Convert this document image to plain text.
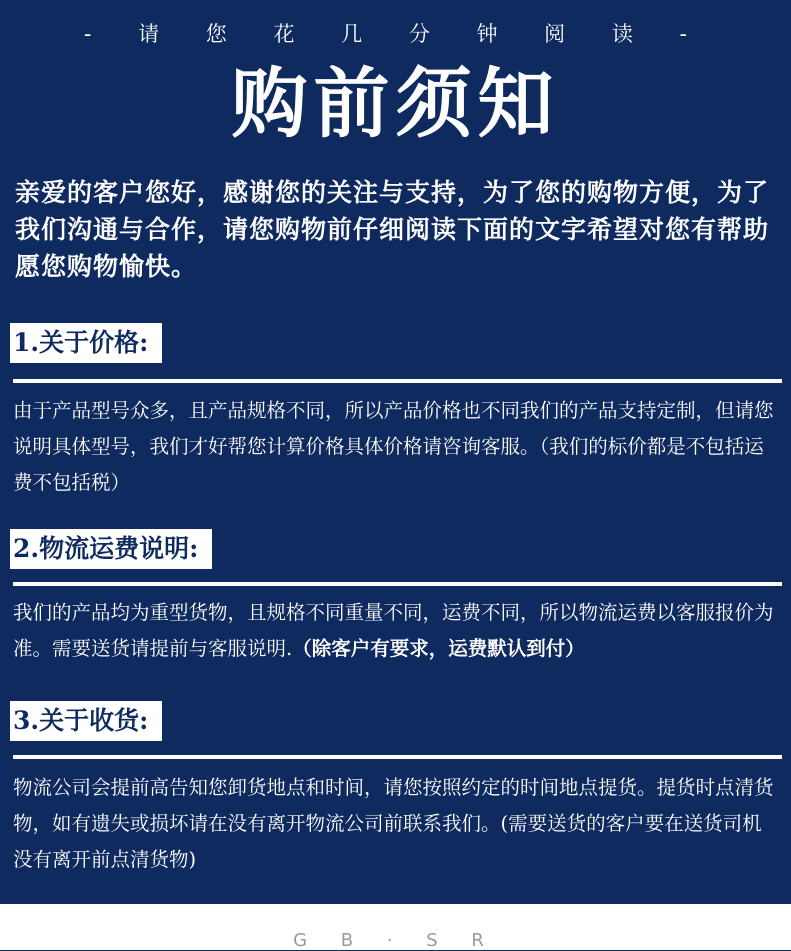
- 请 您 花 几 分 钟 阅 读 -
购前须知
亲爱的客户您好，感谢您的关注与支持，为了您的购物方便，为了我们沟通与合作，请您购物前仔细阅读下面的文字希望对您有帮助愿您购物愉快。
1.关于价格:
由于产品型号众多，且产品规格不同，所以产品价格也不同我们的产品支持定制，但请您说明具体型号，我们才好帮您计算价格具体价格请咨询客服。（我们的标价都是不包括运费不包括税）
2.物流运费说明:
我们的产品均为重型货物，且规格不同重量不同，运费不同，所以物流运费以客服报价为准。需要送货请提前与客服说明.（除客户有要求，运费默认到付）
3.关于收货:
物流公司会提前高告知您卸货地点和时间，请您按照约定的时间地点提货。提货时点清货物，如有遗失或损坏请在没有离开物流公司前联系我们。(需要送货的客户要在送货司机没有离开前点清货物)
G B · S R
